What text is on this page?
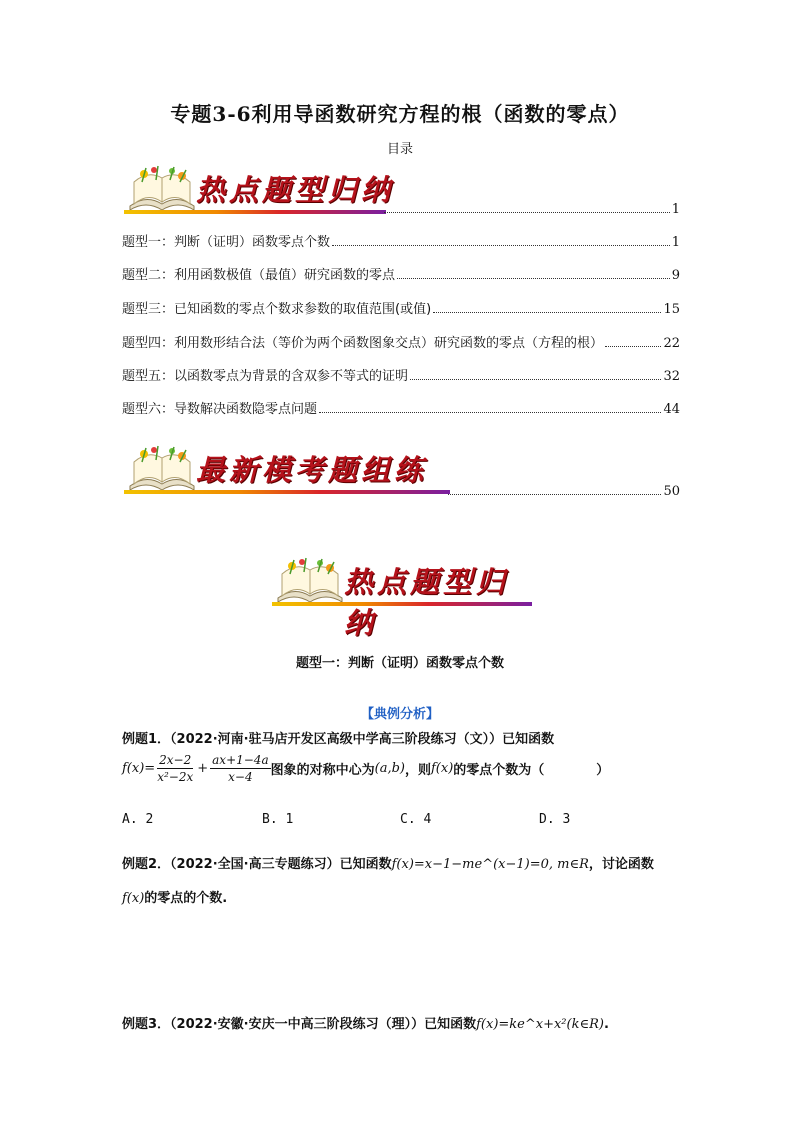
专题3-6利用导函数研究方程的根（函数的零点）
目录
热点题型归纳
1
题型一：判断（证明）函数零点个数	1
题型二：利用函数极值（最值）研究函数的零点	9
题型三：已知函数的零点个数求参数的取值范围(或值)	15
题型四：利用数形结合法（等价为两个函数图象交点）研究函数的零点（方程的根）	22
题型五：以函数零点为背景的含双参不等式的证明	32
题型六：导数解决函数隐零点问题	44
最新模考题组练
50
热点题型归纳
题型一：判断（证明）函数零点个数
【典例分析】
例题1．（2022·河南·驻马店开发区高级中学高三阶段练习（文））已知函数
$f(x)= \frac{2x-2}{\text{x²−2x}} + \frac{ax+1-4a}{x-4}$ 图象的对称中心为 (a,b) ，则 f(x) 的零点个数为（　　　　）
A. 2	B. 1	C. 4	D. 3
例题2．（2022·全国·高三专题练习）已知函数f(x)=x−1−me^(x−1)=0, m∈R，讨论函数
f(x)的零点的个数.
例题3．（2022·安徽·安庆一中高三阶段练习（理））已知函数f(x)=ke^x+x²(k∈R).
